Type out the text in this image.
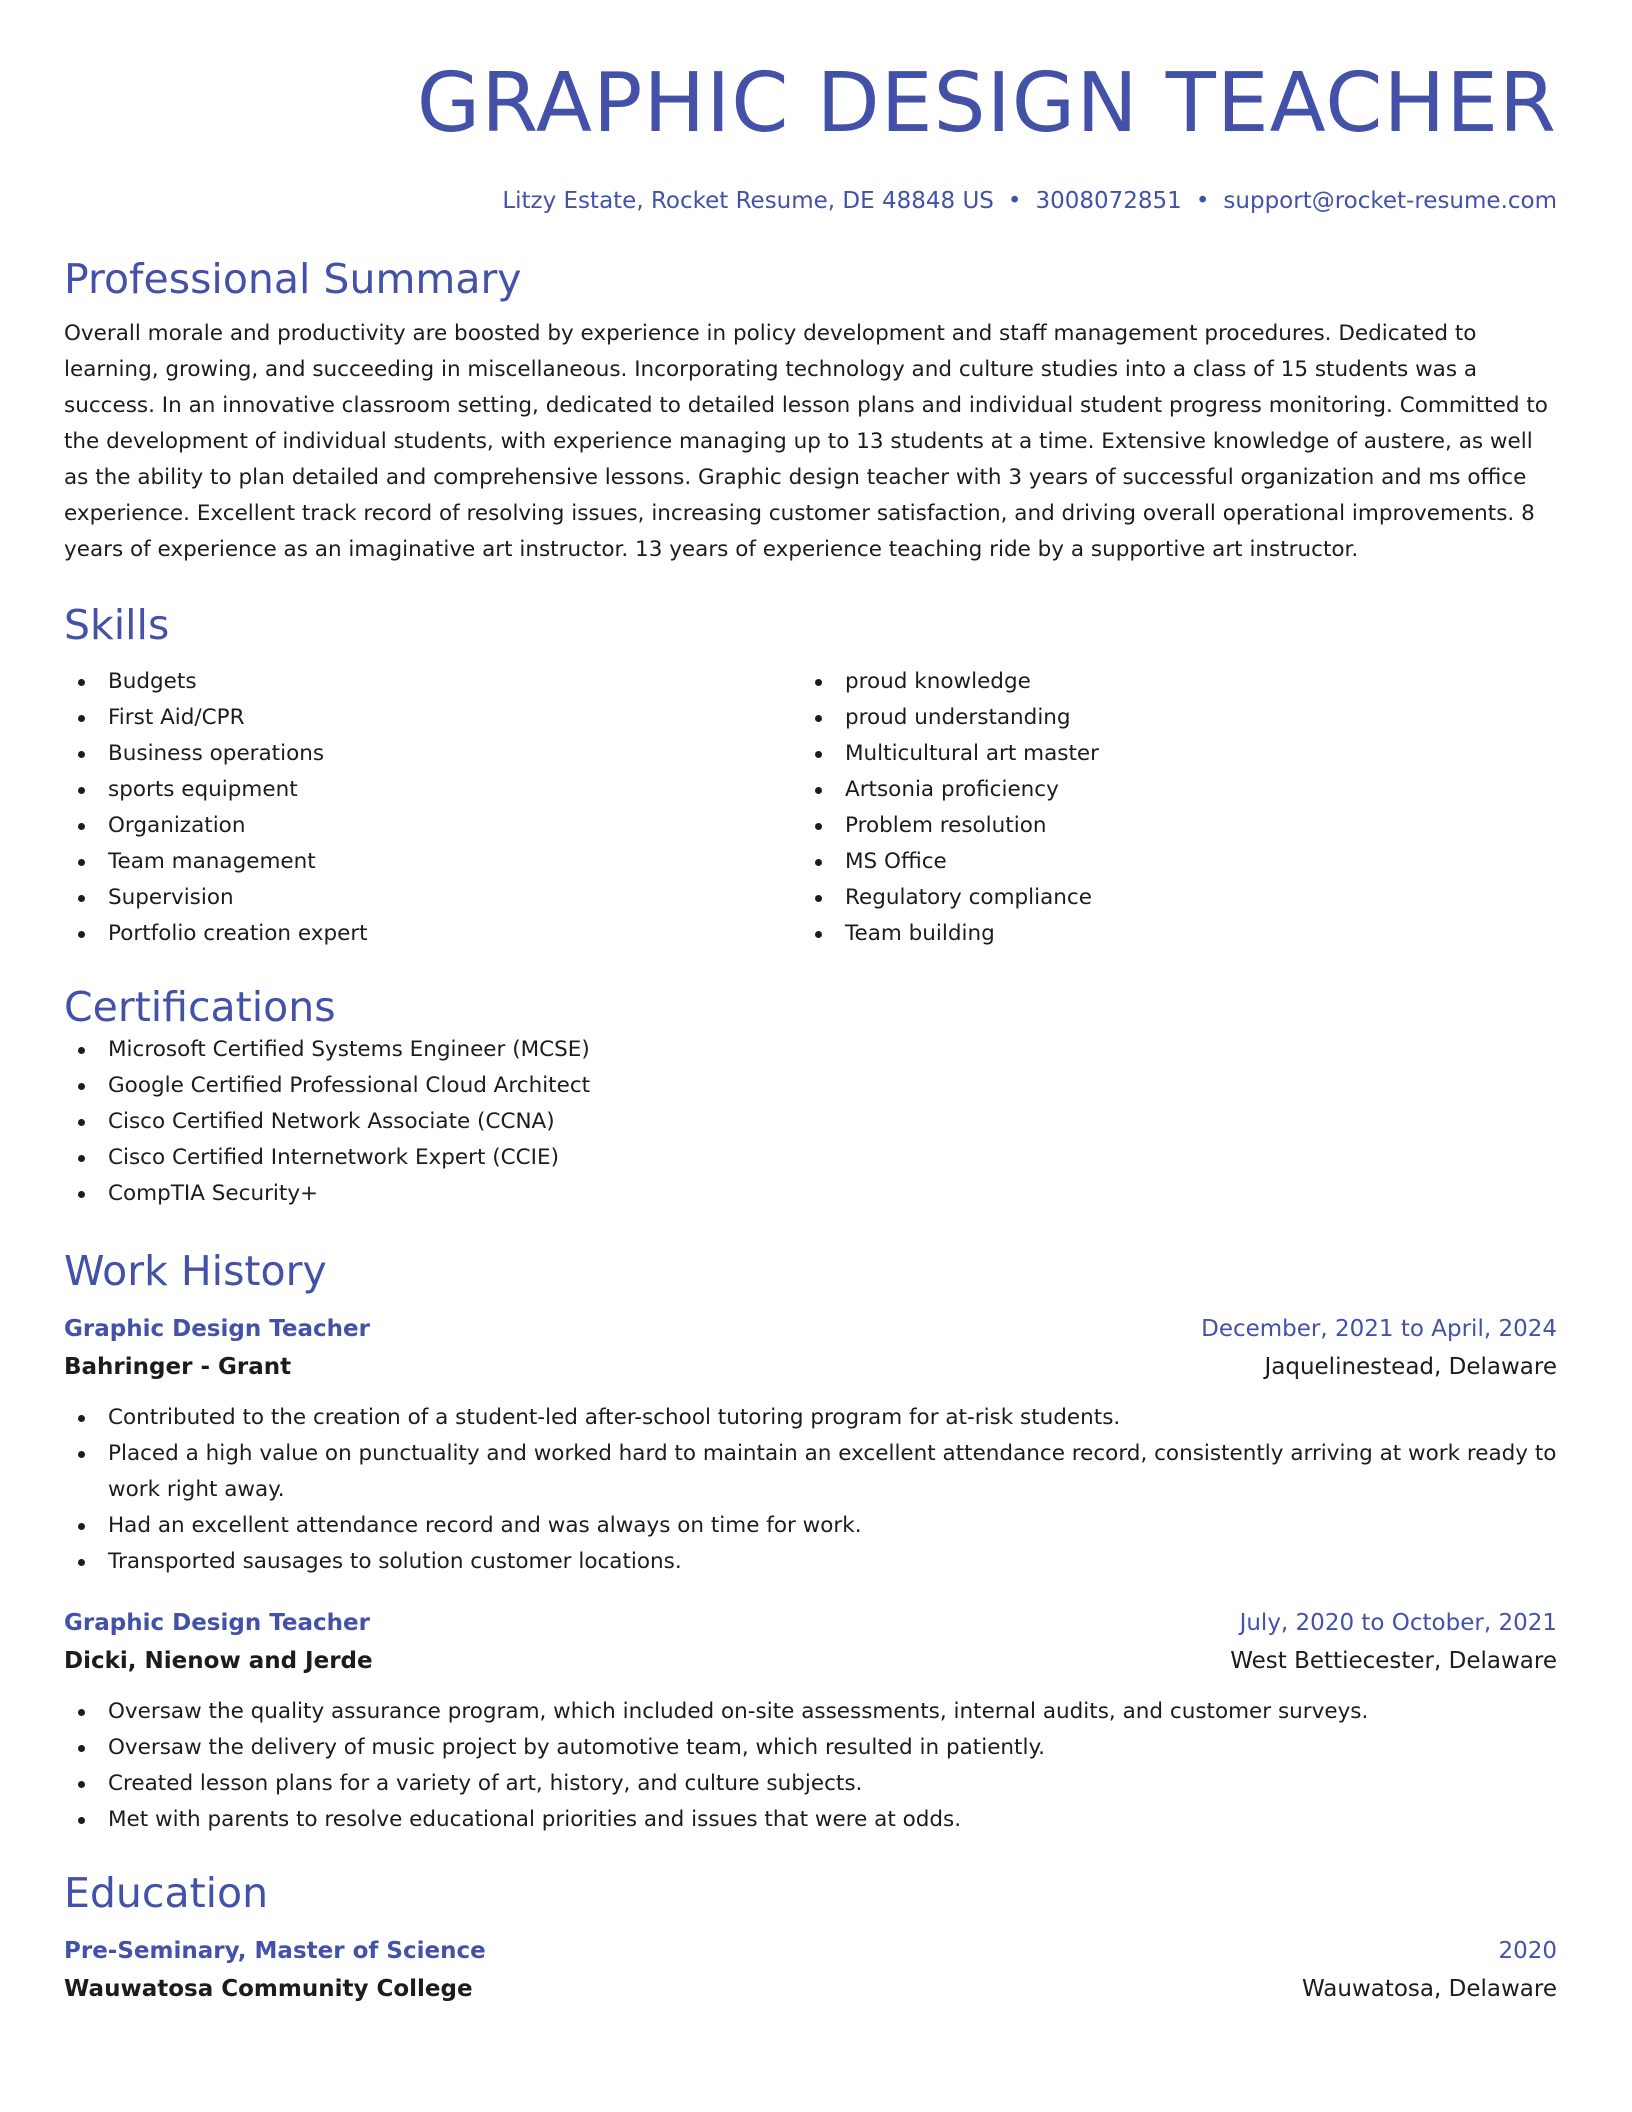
GRAPHIC DESIGN TEACHER
Litzy Estate, Rocket Resume, DE 48848 US • 3008072851 • support@rocket-resume.com
Professional Summary
Overall morale and productivity are boosted by experience in policy development and staff management procedures. Dedicated to learning, growing, and succeeding in miscellaneous. Incorporating technology and culture studies into a class of 15 students was a success. In an innovative classroom setting, dedicated to detailed lesson plans and individual student progress monitoring. Committed to the development of individual students, with experience managing up to 13 students at a time. Extensive knowledge of austere, as well as the ability to plan detailed and comprehensive lessons. Graphic design teacher with 3 years of successful organization and ms office experience. Excellent track record of resolving issues, increasing customer satisfaction, and driving overall operational improvements. 8 years of experience as an imaginative art instructor. 13 years of experience teaching ride by a supportive art instructor.
Skills
Budgets
First Aid/CPR
Business operations
sports equipment
Organization
Team management
Supervision
Portfolio creation expert
proud knowledge
proud understanding
Multicultural art master
Artsonia proficiency
Problem resolution
MS Office
Regulatory compliance
Team building
Certifications
Microsoft Certified Systems Engineer (MCSE)
Google Certified Professional Cloud Architect
Cisco Certified Network Associate (CCNA)
Cisco Certified Internetwork Expert (CCIE)
CompTIA Security+
Work History
Graphic Design Teacher	December, 2021 to April, 2024
Bahringer - Grant	Jaquelinestead, Delaware
Contributed to the creation of a student-led after-school tutoring program for at-risk students.
Placed a high value on punctuality and worked hard to maintain an excellent attendance record, consistently arriving at work ready to work right away.
Had an excellent attendance record and was always on time for work.
Transported sausages to solution customer locations.
Graphic Design Teacher	July, 2020 to October, 2021
Dicki, Nienow and Jerde	West Bettiecester, Delaware
Oversaw the quality assurance program, which included on-site assessments, internal audits, and customer surveys.
Oversaw the delivery of music project by automotive team, which resulted in patiently.
Created lesson plans for a variety of art, history, and culture subjects.
Met with parents to resolve educational priorities and issues that were at odds.
Education
Pre-Seminary, Master of Science	2020
Wauwatosa Community College	Wauwatosa, Delaware
